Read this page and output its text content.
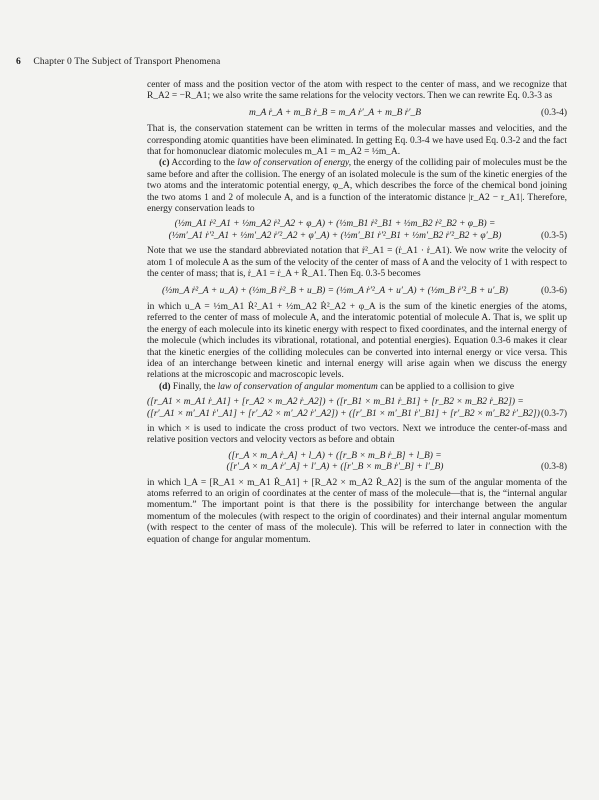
6 Chapter 0 The Subject of Transport Phenomena

center of mass and the position vector of the atom with respect to the center of mass, and we recognize that R_A2 = −R_A1; we also write the same relations for the velocity vectors. Then we can rewrite Eq. 0.3-3 as

m_A ṙ_A + m_B ṙ_B = m_A ṙ′_A + m_B ṙ′_B	(0.3-4)

That is, the conservation statement can be written in terms of the molecular masses and velocities, and the corresponding atomic quantities have been eliminated. In getting Eq. 0.3-4 we have used Eq. 0.3-2 and the fact that for homonuclear diatomic molecules m_A1 = m_A2 = ½m_A.

(c) According to the law of conservation of energy, the energy of the colliding pair of molecules must be the same before and after the collision. The energy of an isolated molecule is the sum of the kinetic energies of the two atoms and the interatomic potential energy, φ_A, which describes the force of the chemical bond joining the two atoms 1 and 2 of molecule A, and is a function of the interatomic distance |r_A2 − r_A1|. Therefore, energy conservation leads to

(½m_A1 ṙ²_A1 + ½m_A2 ṙ²_A2 + φ_A) + (½m_B1 ṙ²_B1 + ½m_B2 ṙ²_B2 + φ_B) =
(½m′_A1 ṙ′²_A1 + ½m′_A2 ṙ′²_A2 + φ′_A) + (½m′_B1 ṙ′²_B1 + ½m′_B2 ṙ′²_B2 + φ′_B)	(0.3-5)

Note that we use the standard abbreviated notation that ṙ²_A1 = (ṙ_A1 · ṙ_A1). We now write the velocity of atom 1 of molecule A as the sum of the velocity of the center of mass of A and the velocity of 1 with respect to the center of mass; that is, ṙ_A1 = ṙ_A + Ṙ_A1. Then Eq. 0.3-5 becomes

(½m_A ṙ²_A + u_A) + (½m_B ṙ²_B + u_B) = (½m_A ṙ′²_A + u′_A) + (½m_B ṙ′²_B + u′_B)	(0.3-6)

in which u_A = ½m_A1 Ṙ²_A1 + ½m_A2 Ṙ²_A2 + φ_A is the sum of the kinetic energies of the atoms, referred to the center of mass of molecule A, and the interatomic potential of molecule A. That is, we split up the energy of each molecule into its kinetic energy with respect to fixed coordinates, and the internal energy of the molecule (which includes its vibrational, rotational, and potential energies). Equation 0.3-6 makes it clear that the kinetic energies of the colliding molecules can be converted into internal energy or vice versa. This idea of an interchange between kinetic and internal energy will arise again when we discuss the energy relations at the microscopic and macroscopic levels.

(d) Finally, the law of conservation of angular momentum can be applied to a collision to give

([r_A1 × m_A1 ṙ_A1] + [r_A2 × m_A2 ṙ_A2]) + ([r_B1 × m_B1 ṙ_B1] + [r_B2 × m_B2 ṙ_B2]) =
([r′_A1 × m′_A1 ṙ′_A1] + [r′_A2 × m′_A2 ṙ′_A2]) + ([r′_B1 × m′_B1 ṙ′_B1] + [r′_B2 × m′_B2 ṙ′_B2]) (0.3-7)

in which × is used to indicate the cross product of two vectors. Next we introduce the center-of-mass and relative position vectors and velocity vectors as before and obtain

([r_A × m_A ṙ_A] + l_A) + ([r_B × m_B ṙ_B] + l_B) =
([r′_A × m_A ṙ′_A] + l′_A) + ([r′_B × m_B ṙ′_B] + l′_B)	(0.3-8)

in which l_A = [R_A1 × m_A1 Ṙ_A1] + [R_A2 × m_A2 Ṙ_A2] is the sum of the angular momenta of the atoms referred to an origin of coordinates at the center of mass of the molecule—that is, the “internal angular momentum.” The important point is that there is the possibility for interchange between the angular momentum of the molecules (with respect to the origin of coordinates) and their internal angular momentum (with respect to the center of mass of the molecule). This will be referred to later in connection with the equation of change for angular momentum.
